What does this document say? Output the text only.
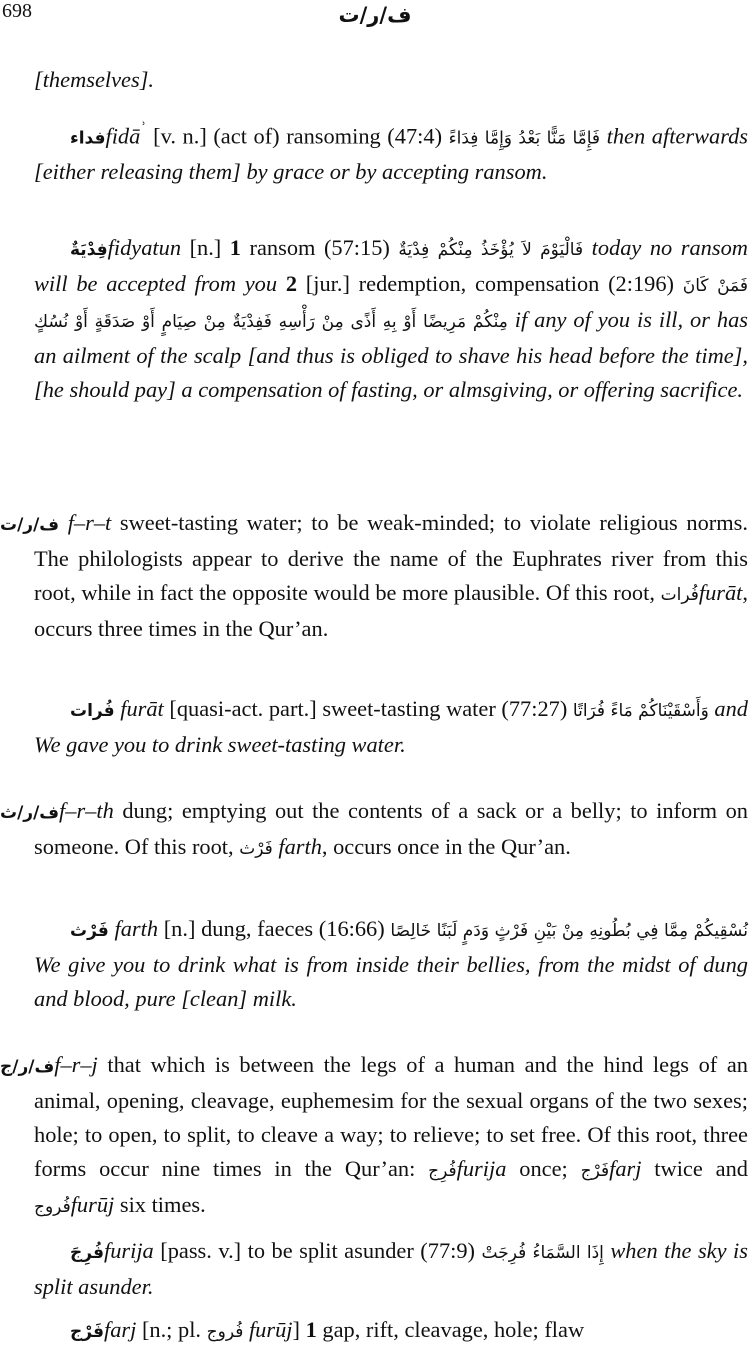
698	ف/ر/ت
[themselves].
فداءfidā$^ʾ$ [v. n.] (act of) ransoming (47:4) فَإِمَّا مَنًّا بَعْدُ وَإِمَّا فِدَاءً then afterwards [either releasing them] by grace or by accepting ransom.
فِدْيَةٌfidyatun [n.] 1 ransom (57:15) فَالْيَوْمَ لاَ يُؤْخَذُ مِنْكُمْ فِدْيَةٌ today no ransom will be accepted from you 2 [jur.] redemption, compensation (2:196) فَمَنْ كَانَ مِنْكُمْ مَرِيضًا أَوْ بِهِ أَذًى مِنْ رَأْسِهِ فَفِدْيَةٌ مِنْ صِيَامٍ أَوْ صَدَقَةٍ أَوْ نُسُكٍ if any of you is ill, or has an ailment of the scalp [and thus is obliged to shave his head before the time], [he should pay] a compensation of fasting, or almsgiving, or offering sacrifice.
ف/ر/ت f–r–t sweet-tasting water; to be weak-minded; to violate religious norms. The philologists appear to derive the name of the Euphrates river from this root, while in fact the opposite would be more plausible. Of this root, فُراتfurāt, occurs three times in the Qur’an.
فُرات furāt [quasi-act. part.] sweet-tasting water (77:27) وَأَسْقَيْنَاكُمْ مَاءً فُرَاتًا and We gave you to drink sweet-tasting water.
ف/ر/ثf–r–th dung; emptying out the contents of a sack or a belly; to inform on someone. Of this root, فَرْث farth, occurs once in the Qur’an.
فَرْث farth [n.] dung, faeces (16:66) نُسْقِيكُمْ مِمَّا فِي بُطُونِهِ مِنْ بَيْنِ فَرْثٍ وَدَمٍ لَبَنًا خَالِصًا We give you to drink what is from inside their bellies, from the midst of dung and blood, pure [clean] milk.
ف/ر/جf–r–j that which is between the legs of a human and the hind legs of an animal, opening, cleavage, euphemesim for the sexual organs of the two sexes; hole; to open, to split, to cleave a way; to relieve; to set free. Of this root, three forms occur nine times in the Qur’an: فُرِجfurija once; فَرْجfarj twice and فُروجfurūj six times.
فُرِجَfurija [pass. v.] to be split asunder (77:9) إِذَا السَّمَاءُ فُرِجَتْ when the sky is split asunder.
فَرْجfarj [n.; pl. فُروج furūj] 1 gap, rift, cleavage, hole; flaw
